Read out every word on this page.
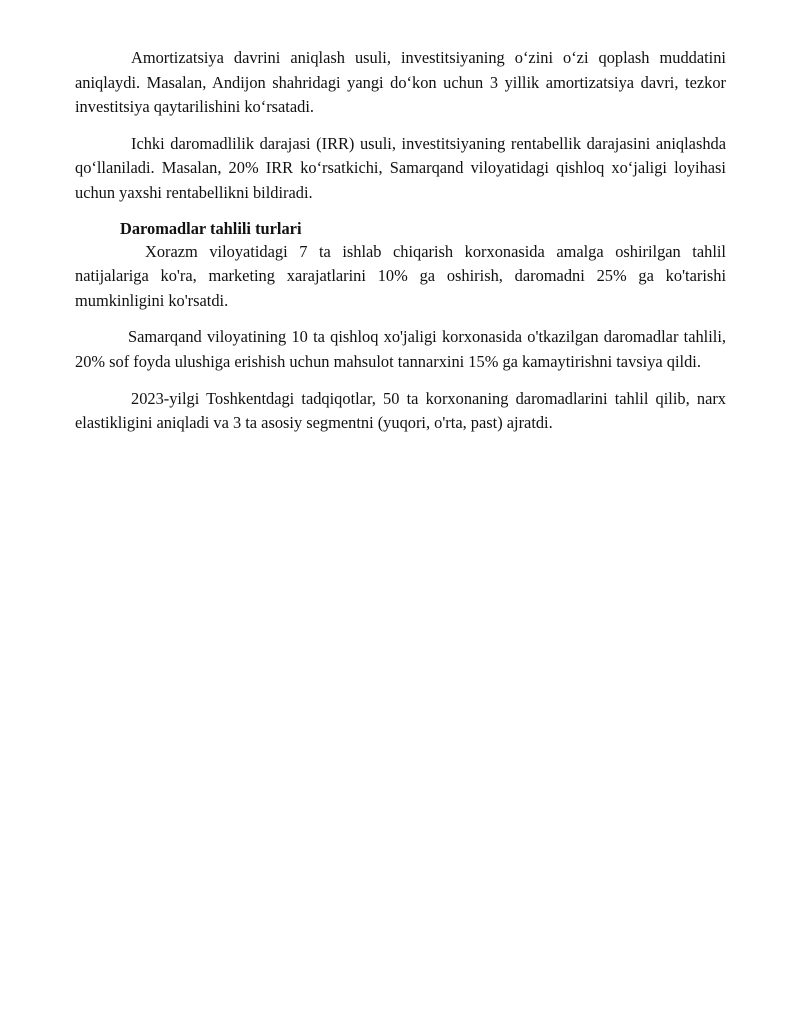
Amortizatsiya davrini aniqlash usuli, investitsiyaning o‘zini o‘zi qoplash muddatini aniqlaydi. Masalan, Andijon shahridagi yangi do‘kon uchun 3 yillik amortizatsiya davri, tezkor investitsiya qaytarilishini ko‘rsatadi.

Ichki daromadlilik darajasi (IRR) usuli, investitsiyaning rentabellik darajasini aniqlashda qo‘llaniladi. Masalan, 20% IRR ko‘rsatkichi, Samarqand viloyatidagi qishloq xo‘jaligi loyihasi uchun yaxshi rentabellikni bildiradi.

Daromadlar tahlili turlari

Xorazm viloyatidagi 7 ta ishlab chiqarish korxonasida amalga oshirilgan tahlil natijalariga ko'ra, marketing xarajatlarini 10% ga oshirish, daromadni 25% ga ko'tarishi mumkinligini ko'rsatdi.

Samarqand viloyatining 10 ta qishloq xo'jaligi korxonasida o'tkazilgan daromadlar tahlili, 20% sof foyda ulushiga erishish uchun mahsulot tannarxini 15% ga kamaytirishni tavsiya qildi.

2023-yilgi Toshkentdagi tadqiqotlar, 50 ta korxonaning daromadlarini tahlil qilib, narx elastikligini aniqladi va 3 ta asosiy segmentni (yuqori, o'rta, past) ajratdi.
